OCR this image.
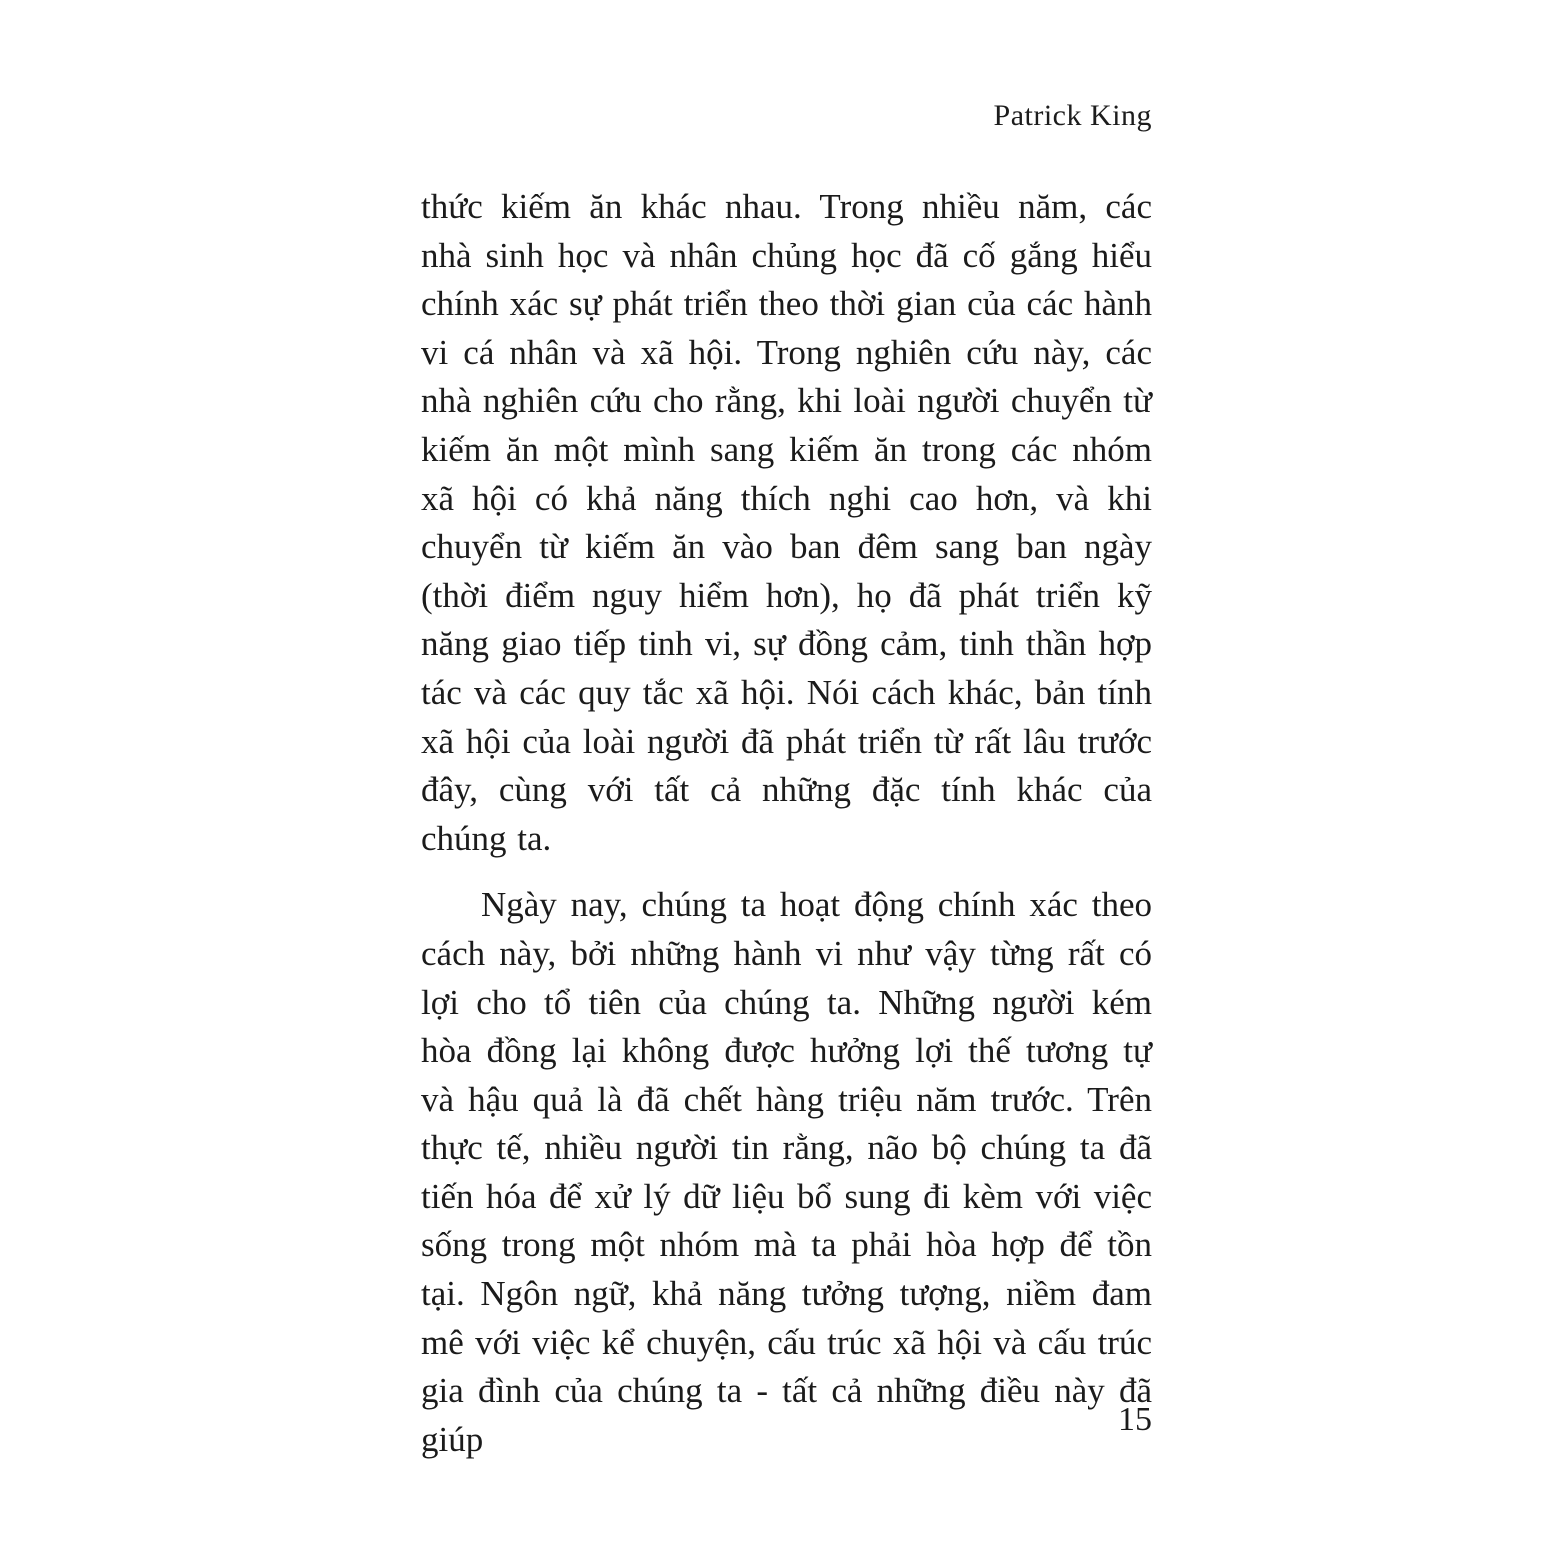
Patrick King

thức kiếm ăn khác nhau. Trong nhiều năm, các nhà sinh học và nhân chủng học đã cố gắng hiểu chính xác sự phát triển theo thời gian của các hành vi cá nhân và xã hội. Trong nghiên cứu này, các nhà nghiên cứu cho rằng, khi loài người chuyển từ kiếm ăn một mình sang kiếm ăn trong các nhóm xã hội có khả năng thích nghi cao hơn, và khi chuyển từ kiếm ăn vào ban đêm sang ban ngày (thời điểm nguy hiểm hơn), họ đã phát triển kỹ năng giao tiếp tinh vi, sự đồng cảm, tinh thần hợp tác và các quy tắc xã hội. Nói cách khác, bản tính xã hội của loài người đã phát triển từ rất lâu trước đây, cùng với tất cả những đặc tính khác của chúng ta.

Ngày nay, chúng ta hoạt động chính xác theo cách này, bởi những hành vi như vậy từng rất có lợi cho tổ tiên của chúng ta. Những người kém hòa đồng lại không được hưởng lợi thế tương tự và hậu quả là đã chết hàng triệu năm trước. Trên thực tế, nhiều người tin rằng, não bộ chúng ta đã tiến hóa để xử lý dữ liệu bổ sung đi kèm với việc sống trong một nhóm mà ta phải hòa hợp để tồn tại. Ngôn ngữ, khả năng tưởng tượng, niềm đam mê với việc kể chuyện, cấu trúc xã hội và cấu trúc gia đình của chúng ta - tất cả những điều này đã giúp

15
